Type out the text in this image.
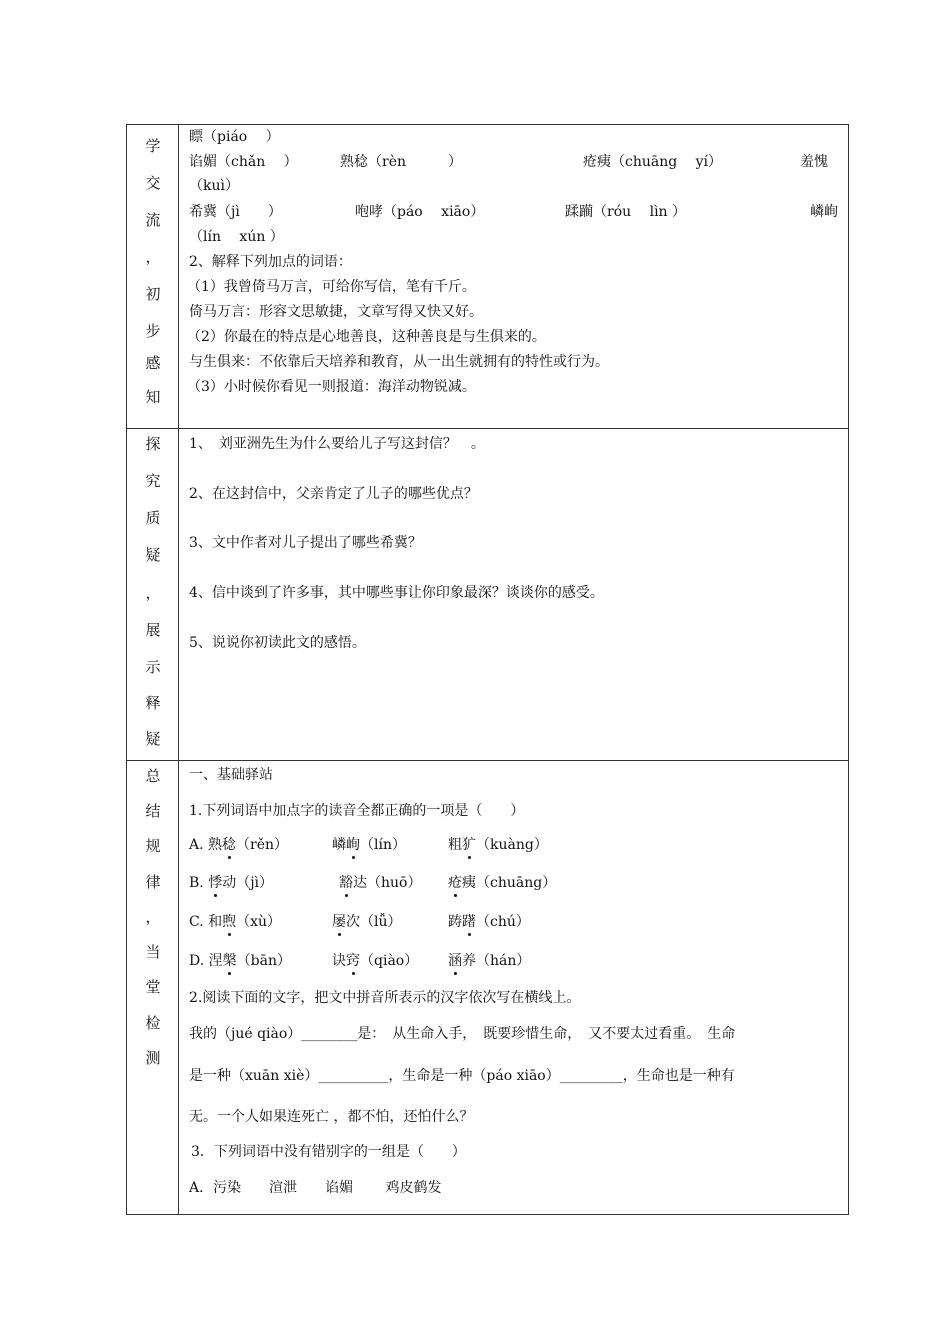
学
交
流
，
初
步
感
知
瞟（piáo　 ）
谄媚（chǎn　 ）	熟稔（rèn　　　）	疮痍（chuāng　 yí）	羞愧
（kuì）
希冀（jì　　）	咆哮（páo　 xiāo）	蹂躏（róu　 lìn ）	嶙峋
（lín　 xún ）
2、解释下列加点的词语：
（1）我曾倚马万言，可给你写信，笔有千斤。
倚马万言：形容文思敏捷，文章写得又快又好。
（2）你最在的特点是心地善良，这种善良是与生俱来的。
与生俱来：不依靠后天培养和教育，从一出生就拥有的特性或行为。
（3）小时候你看见一则报道：海洋动物锐减。
探
究
质
疑
，
展
示
释
疑
1、　刘亚洲先生为什么要给儿子写这封信？　。
2、在这封信中，父亲肯定了儿子的哪些优点？
3、文中作者对儿子提出了哪些希冀？
4、信中谈到了许多事，其中哪些事让你印象最深？谈谈你的感受。
5、说说你初读此文的感悟。
总
结
规
律
，
当
堂
检
测
一、基础驿站
1.下列词语中加点字的读音全都正确的一项是（　　）
A. 熟稔（rěn）	嶙峋（lín）	粗犷（kuàng）
B. 悸动（jì）	豁达（huō） 疮痍（chuāng）
C. 和煦（xù）	屡次（lǚ）	踌躇（chú）
D. 涅槃（bān）	诀窍（qiào） 涵养（hán）
2.阅读下面的文字，把文中拼音所表示的汉字依次写在横线上。
我的（jué qiào）________是：　从生命入手，　既要珍惜生命，　又不要太过看重。　生命
是一种（xuān xiè）__________，生命是一种（páo xiāo）_________，生命也是一种有
无。一个人如果连死亡 ，都不怕，还怕什么？
3．下列词语中没有错别字的一组是（　　）
A．污染　　渲泄　　谄媚　　 鸡皮鹤发
